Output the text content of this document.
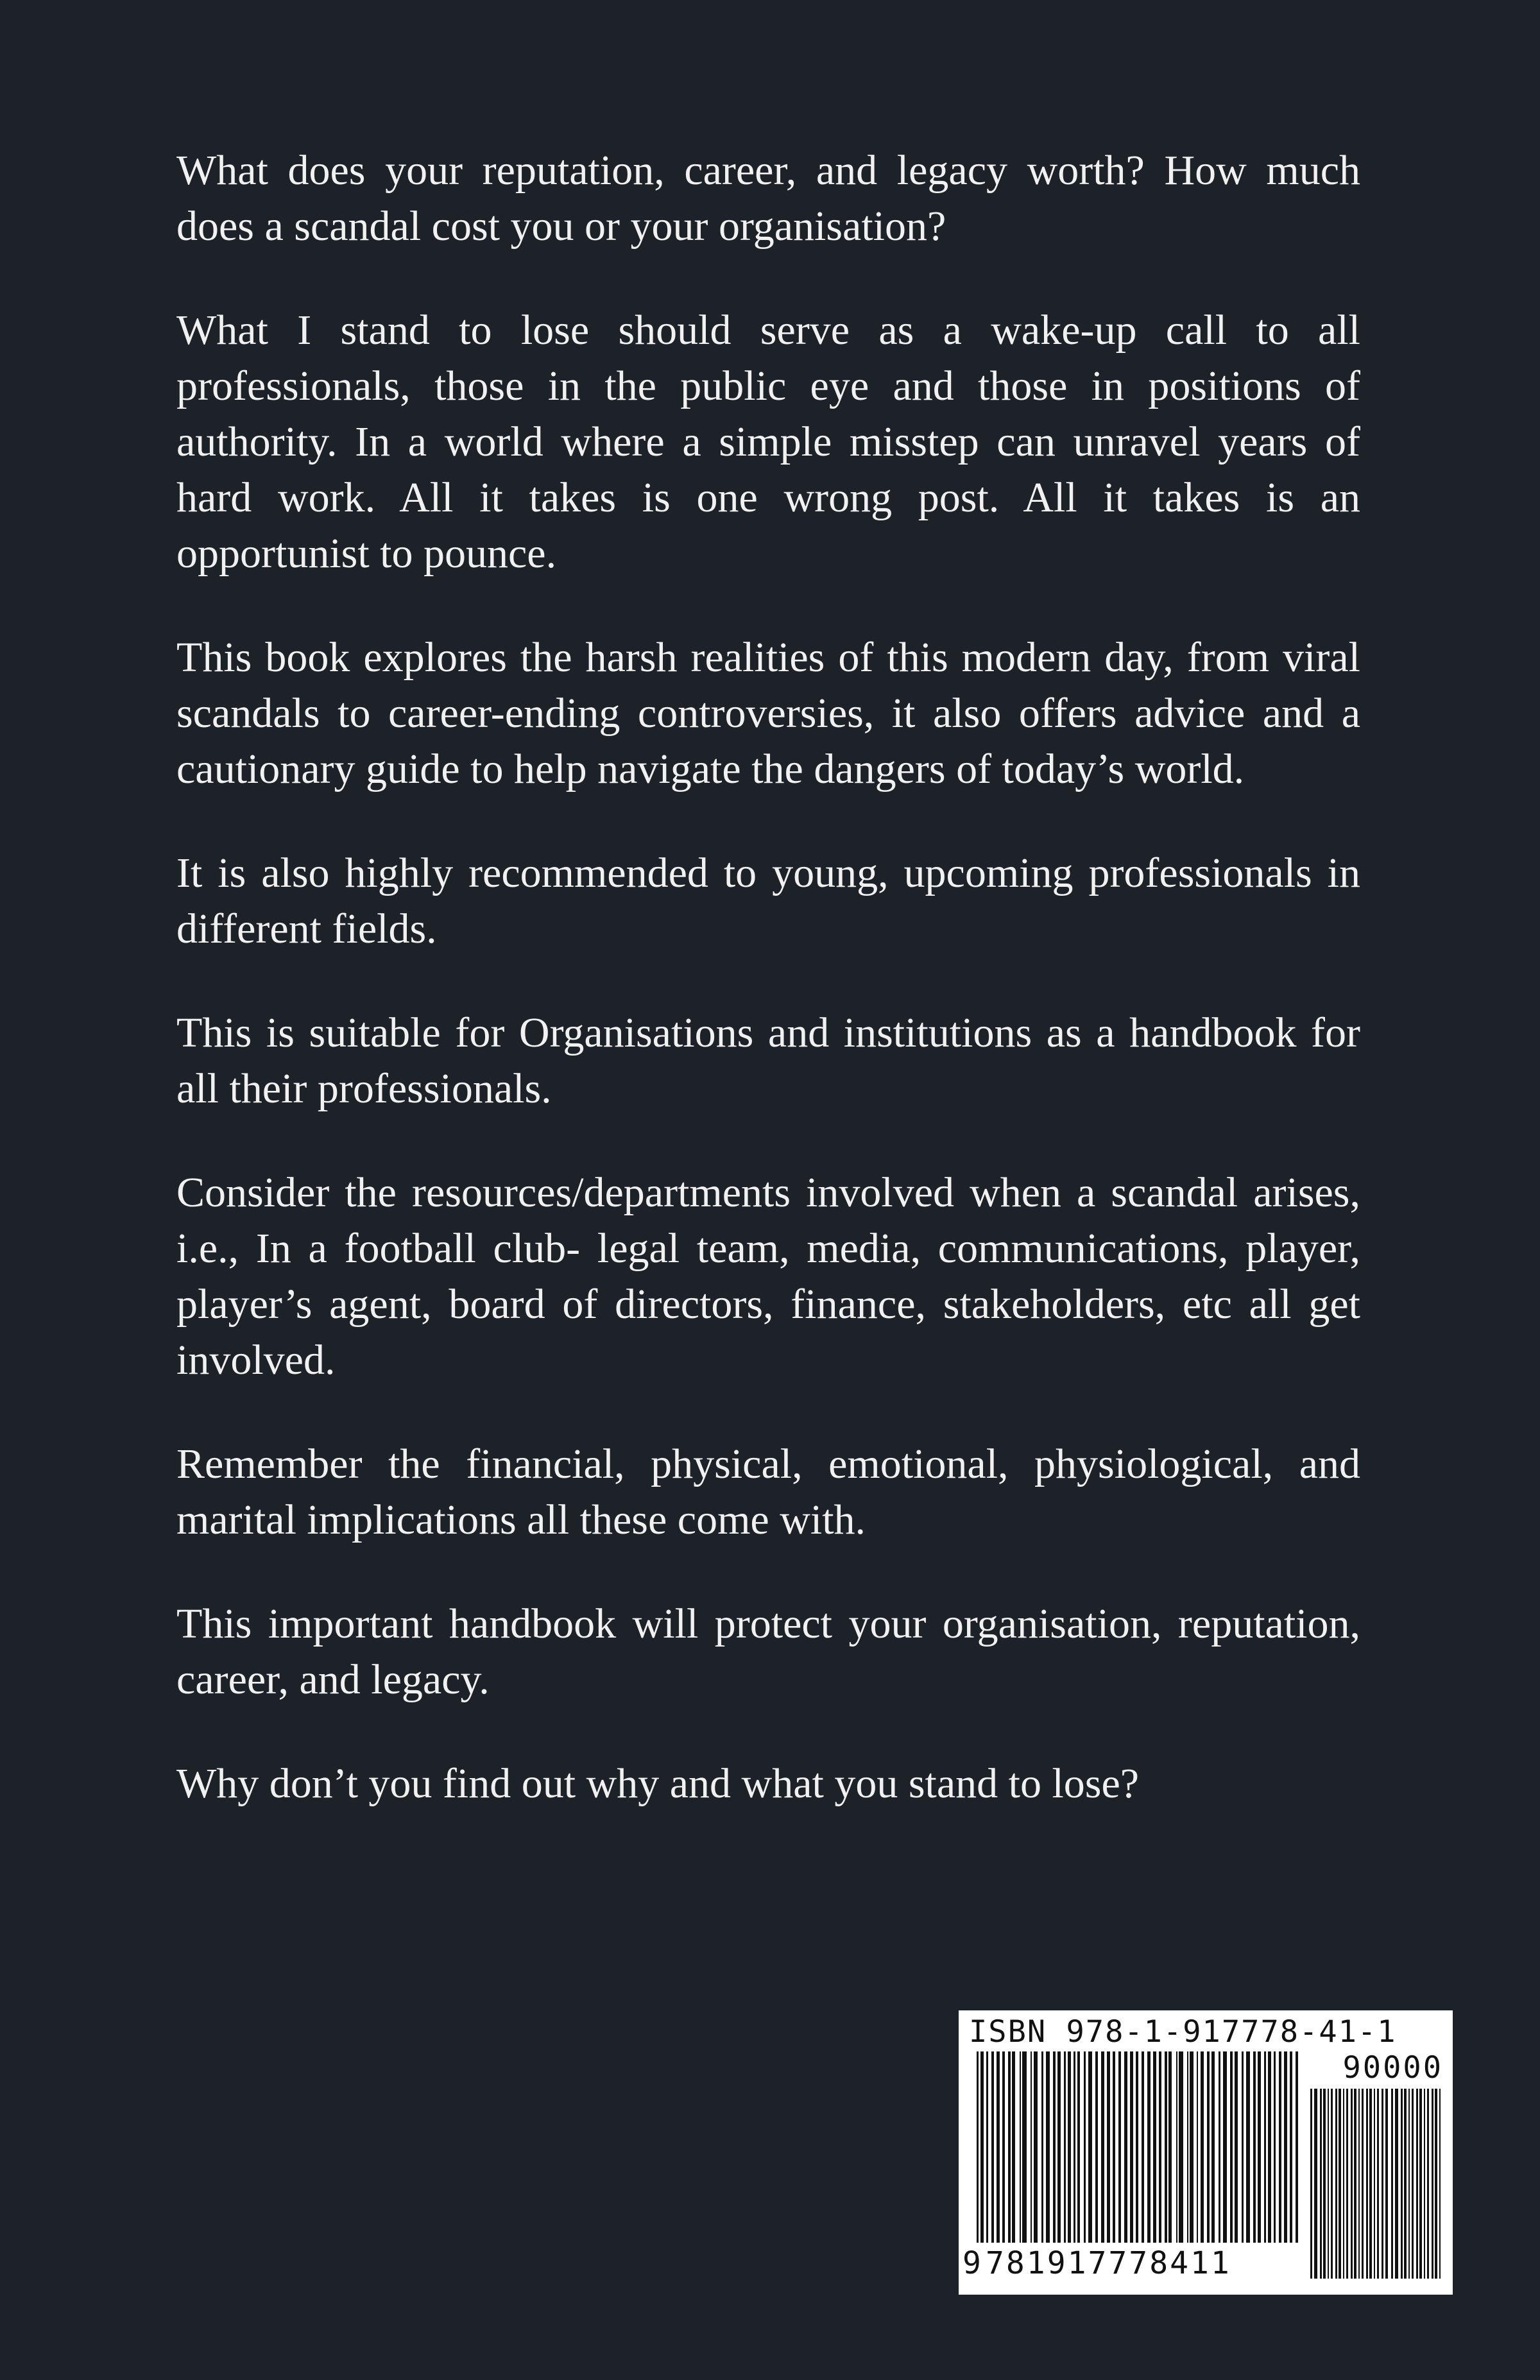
What does your reputation, career, and legacy worth? How much does a scandal cost you or your organisation?

What I stand to lose should serve as a wake-up call to all professionals, those in the public eye and those in positions of authority. In a world where a simple misstep can unravel years of hard work. All it takes is one wrong post. All it takes is an opportunist to pounce.

This book explores the harsh realities of this modern day, from viral scandals to career-ending controversies, it also offers advice and a cautionary guide to help navigate the dangers of today’s world.

It is also highly recommended to young, upcoming professionals in different fields.

This is suitable for Organisations and institutions as a handbook for all their professionals.

Consider the resources/departments involved when a scandal arises, i.e., In a football club- legal team, media, communications, player, player’s agent, board of directors, finance, stakeholders, etc all get involved.

Remember the financial, physical, emotional, physiological, and marital implications all these come with.

This important handbook will protect your organisation, reputation, career, and legacy.

Why don’t you find out why and what you stand to lose?

ISBN 978-1-917778-41-1
90000
9 781917778411
